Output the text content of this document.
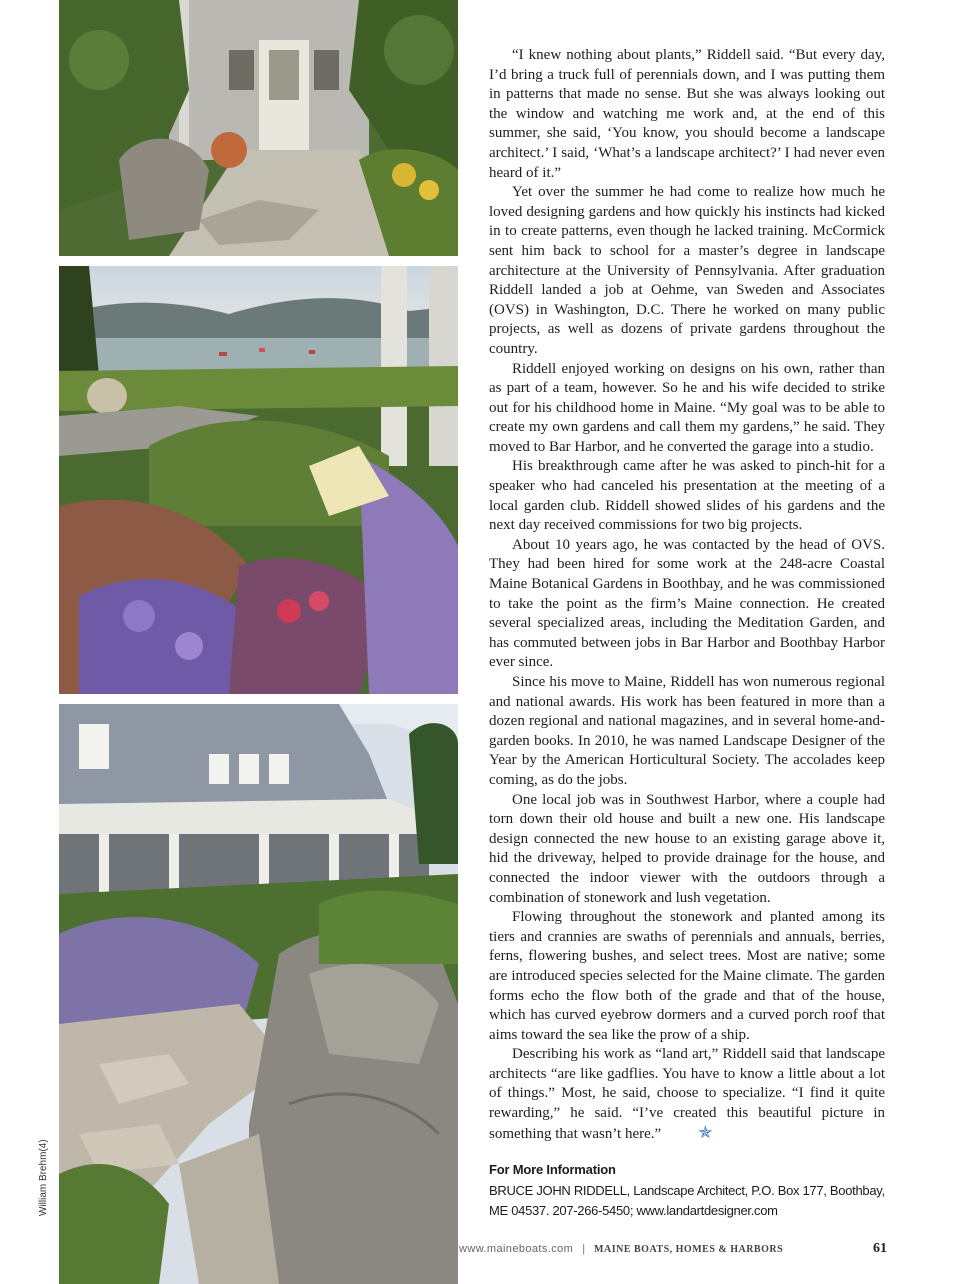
William Brehm(4)

“I knew nothing about plants,” Riddell said. “But every day, I’d bring a truck full of perennials down, and I was putting them in patterns that made no sense. But she was always looking out the window and watching me work and, at the end of this summer, she said, ‘You know, you should become a landscape architect.’ I said, ‘What’s a landscape architect?’ I had never even heard of it.”

Yet over the summer he had come to realize how much he loved designing gardens and how quickly his instincts had kicked in to create patterns, even though he lacked training. McCormick sent him back to school for a master’s degree in landscape architecture at the University of Pennsylvania. After graduation Riddell landed a job at Oehme, van Sweden and Associates (OVS) in Washington, D.C. There he worked on many public projects, as well as dozens of private gardens throughout the country.

Riddell enjoyed working on designs on his own, rather than as part of a team, however. So he and his wife decided to strike out for his childhood home in Maine. “My goal was to be able to create my own gardens and call them my gardens,” he said. They moved to Bar Harbor, and he converted the garage into a studio.

His breakthrough came after he was asked to pinch-hit for a speaker who had canceled his presentation at the meeting of a local garden club. Riddell showed slides of his gardens and the next day received commissions for two big projects.

About 10 years ago, he was contacted by the head of OVS. They had been hired for some work at the 248-acre Coastal Maine Botanical Gardens in Boothbay, and he was commissioned to take the point as the firm’s Maine connection. He created several specialized areas, including the Meditation Garden, and has commuted between jobs in Bar Harbor and Boothbay Harbor ever since.

Since his move to Maine, Riddell has won numerous regional and national awards. His work has been featured in more than a dozen regional and national magazines, and in several home-and-garden books. In 2010, he was named Landscape Designer of the Year by the American Horticultural Society. The accolades keep coming, as do the jobs.

One local job was in Southwest Harbor, where a couple had torn down their old house and built a new one. His landscape design connected the new house to an existing garage above it, hid the driveway, helped to provide drainage for the house, and connected the indoor viewer with the outdoors through a combination of stonework and lush vegetation.

Flowing throughout the stonework and planted among its tiers and crannies are swaths of perennials and annuals, berries, ferns, flowering bushes, and select trees. Most are native; some are introduced species selected for the Maine climate. The garden forms echo the flow both of the grade and that of the house, which has curved eyebrow dormers and a curved porch roof that aims toward the sea like the prow of a ship.

Describing his work as “land art,” Riddell said that landscape architects “are like gadflies. You have to know a little about a lot of things.” Most, he said, choose to specialize. “I find it quite rewarding,” he said. “I’ve created this beautiful picture in something that wasn’t here.” ✯

For More Information
BRUCE JOHN RIDDELL, Landscape Architect, P.O. Box 177, Boothbay, ME 04537. 207-266-5450; www.landartdesigner.com
www.maineboats.com | MAINE BOATS, HOMES & HARBORS	61
